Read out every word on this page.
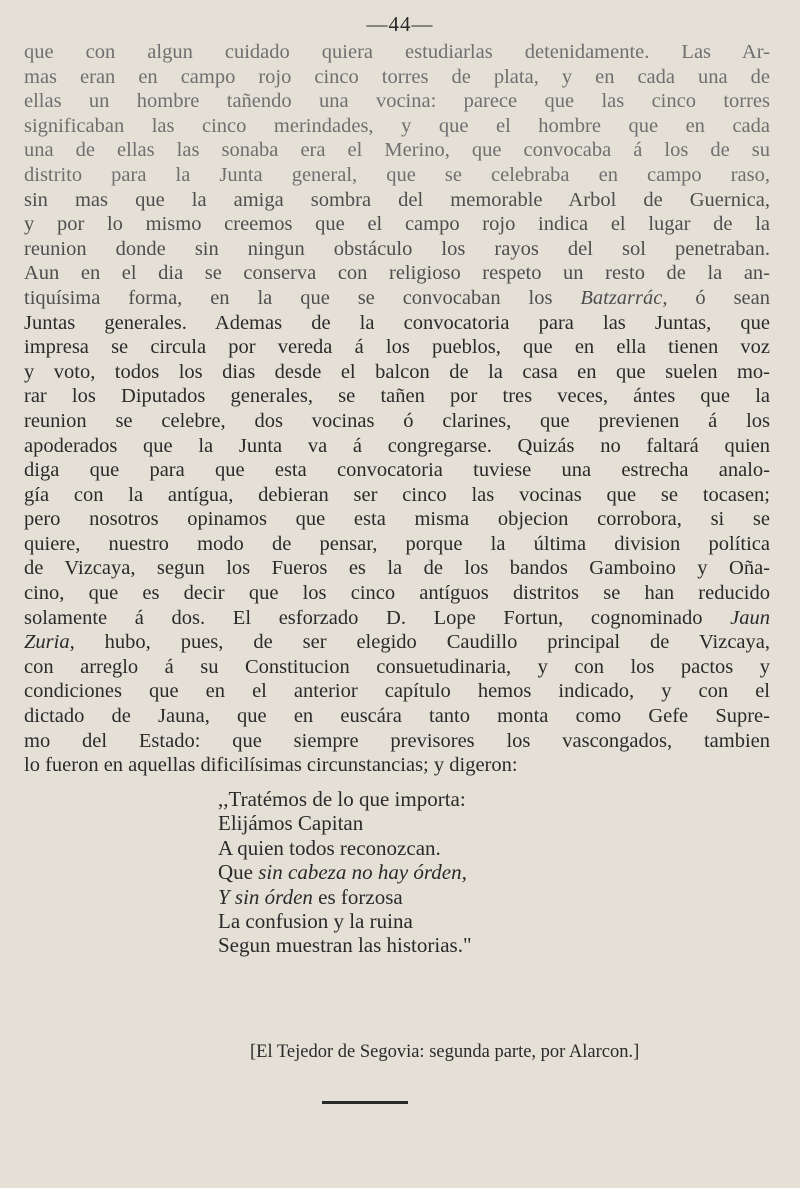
—44—
que con algun cuidado quiera estudiarlas detenidamente. Las Ar-
mas eran en campo rojo cinco torres de plata, y en cada una de
ellas un hombre tañendo una vocina: parece que las cinco torres
significaban las cinco merindades, y que el hombre que en cada
una de ellas las sonaba era el Merino, que convocaba á los de su
distrito para la Junta general, que se celebraba en campo raso,
sin mas que la amiga sombra del memorable Arbol de Guernica,
y por lo mismo creemos que el campo rojo indica el lugar de la
reunion donde sin ningun obstáculo los rayos del sol penetraban.
Aun en el dia se conserva con religioso respeto un resto de la an-
tiquísima forma, en la que se convocaban los Batzarrác, ó sean
Juntas generales. Ademas de la convocatoria para las Juntas, que
impresa se circula por vereda á los pueblos, que en ella tienen voz
y voto, todos los dias desde el balcon de la casa en que suelen mo-
rar los Diputados generales, se tañen por tres veces, ántes que la
reunion se celebre, dos vocinas ó clarines, que previenen á los
apoderados que la Junta va á congregarse. Quizás no faltará quien
diga que para que esta convocatoria tuviese una estrecha analo-
gía con la antígua, debieran ser cinco las vocinas que se tocasen;
pero nosotros opinamos que esta misma objecion corrobora, si se
quiere, nuestro modo de pensar, porque la última division política
de Vizcaya, segun los Fueros es la de los bandos Gamboino y Oña-
cino, que es decir que los cinco antíguos distritos se han reducido
solamente á dos. El esforzado D. Lope Fortun, cognominado Jaun
Zuria, hubo, pues, de ser elegido Caudillo principal de Vizcaya,
con arreglo á su Constitucion consuetudinaria, y con los pactos y
condiciones que en el anterior capítulo hemos indicado, y con el
dictado de Jauna, que en euscára tanto monta como Gefe Supre-
mo del Estado: que siempre previsores los vascongados, tambien
lo fueron en aquellas dificilísimas circunstancias; y digeron:
,,Tratémos de lo que importa:
Elijámos Capitan
A quien todos reconozcan.
Que sin cabeza no hay órden,
Y sin órden es forzosa
La confusion y la ruina
Segun muestran las historias."
[El Tejedor de Segovia: segunda parte, por Alarcon.]
